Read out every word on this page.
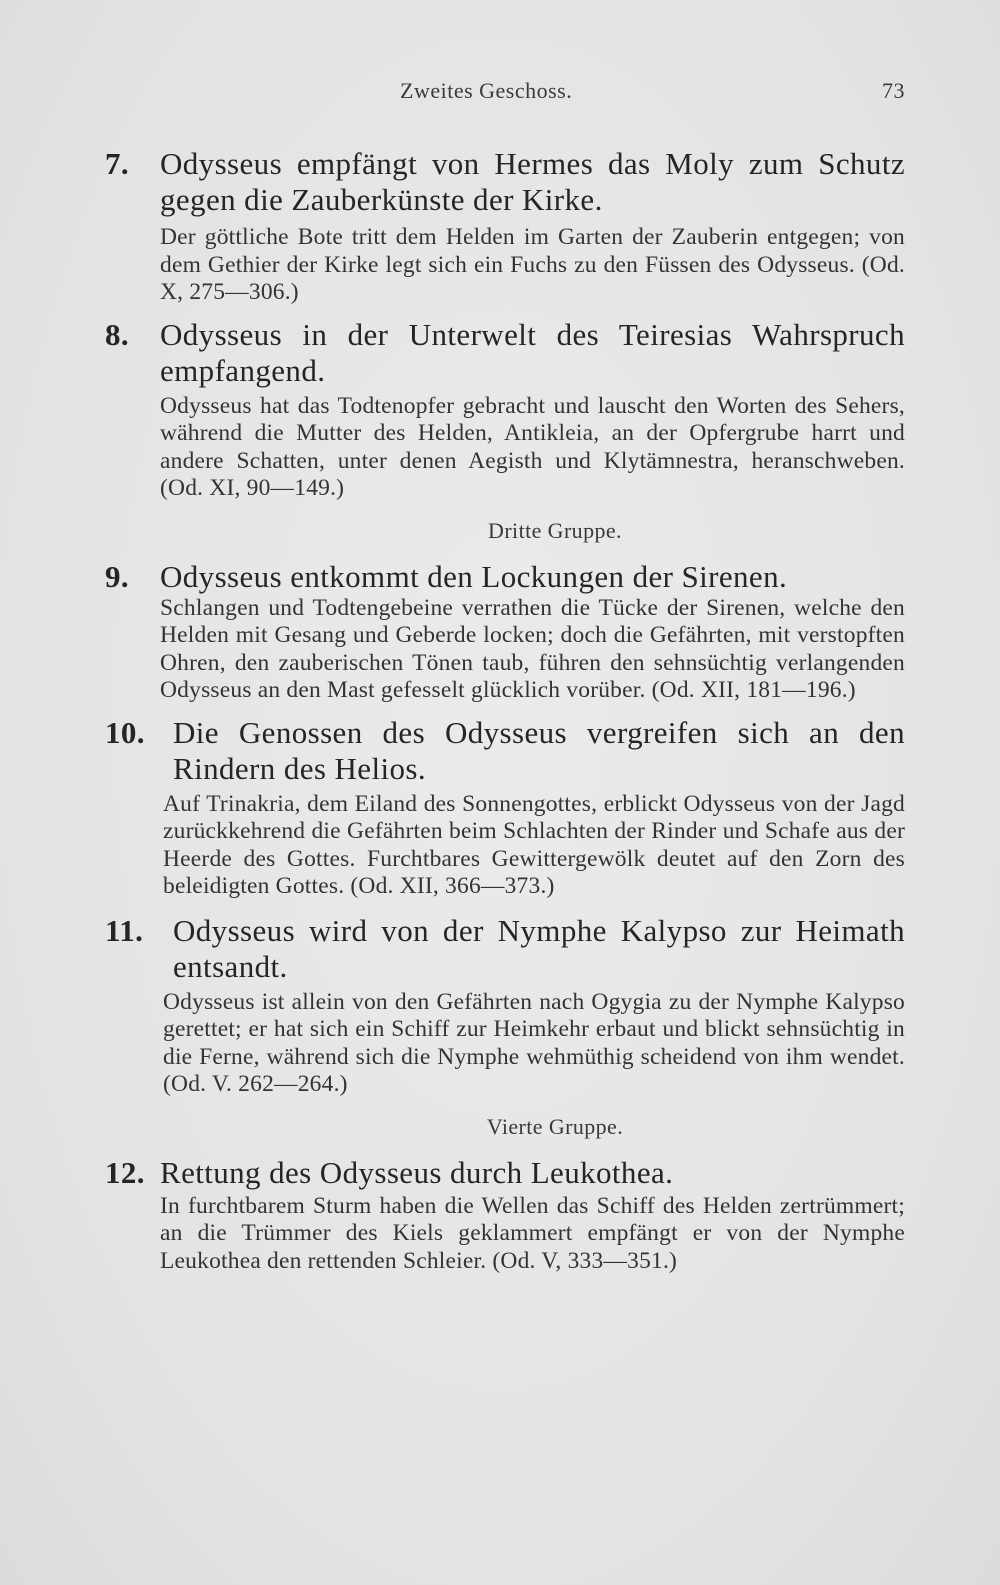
Zweites Geschoss.	73
7. Odysseus empfängt von Hermes das Moly zum Schutz gegen die Zauberkünste der Kirke.
Der göttliche Bote tritt dem Helden im Garten der Zauberin entgegen; von dem Gethier der Kirke legt sich ein Fuchs zu den Füssen des Odysseus. (Od. X, 275—306.)
8. Odysseus in der Unterwelt des Teiresias Wahrspruch empfangend.
Odysseus hat das Todtenopfer gebracht und lauscht den Worten des Sehers, während die Mutter des Helden, Antikleia, an der Opfergrube harrt und andere Schatten, unter denen Aegisth und Klytämnestra, heranschweben. (Od. XI, 90—149.)
Dritte Gruppe.
9. Odysseus entkommt den Lockungen der Sirenen.
Schlangen und Todtengebeine verrathen die Tücke der Sirenen, welche den Helden mit Gesang und Geberde locken; doch die Gefährten, mit verstopften Ohren, den zauberischen Tönen taub, führen den sehnsüchtig verlangenden Odysseus an den Mast gefesselt glücklich vorüber. (Od. XII, 181—196.)
10. Die Genossen des Odysseus vergreifen sich an den Rindern des Helios.
Auf Trinakria, dem Eiland des Sonnengottes, erblickt Odysseus von der Jagd zurückkehrend die Gefährten beim Schlachten der Rinder und Schafe aus der Heerde des Gottes. Furchtbares Gewittergewölk deutet auf den Zorn des beleidigten Gottes. (Od. XII, 366—373.)
11. Odysseus wird von der Nymphe Kalypso zur Heimath entsandt.
Odysseus ist allein von den Gefährten nach Ogygia zu der Nymphe Kalypso gerettet; er hat sich ein Schiff zur Heimkehr erbaut und blickt sehnsüchtig in die Ferne, während sich die Nymphe wehmüthig scheidend von ihm wendet. (Od. V. 262—264.)
Vierte Gruppe.
12. Rettung des Odysseus durch Leukothea.
In furchtbarem Sturm haben die Wellen das Schiff des Helden zertrümmert; an die Trümmer des Kiels geklammert empfängt er von der Nymphe Leukothea den rettenden Schleier. (Od. V, 333—351.)
